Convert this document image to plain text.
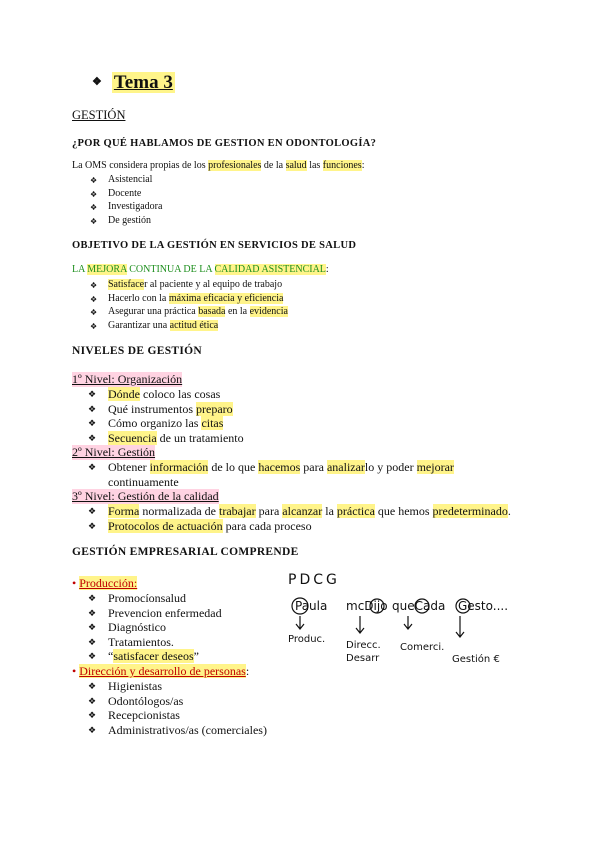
❖ Tema 3
GESTIÓN
¿POR QUÉ HABLAMOS DE GESTION EN ODONTOLOGÍA?
La OMS considera propias de los profesionales de la salud las funciones:
❖ Asistencial
❖ Docente
❖ Investigadora
❖ De gestión
OBJETIVO DE LA GESTIÓN EN SERVICIOS DE SALUD
LA MEJORA CONTINUA DE LA CALIDAD ASISTENCIAL:
❖ Satisfacer al paciente y al equipo de trabajo
❖ Hacerlo con la máxima eficacia y eficiencia
❖ Asegurar una práctica basada en la evidencia
❖ Garantizar una actitud ética
NIVELES DE GESTIÓN
1º Nivel: Organización
❖ Dónde coloco las cosas
❖ Qué instrumentos preparo
❖ Cómo organizo las citas
❖ Secuencia de un tratamiento
2º Nivel: Gestión
❖ Obtener información de lo que hacemos para analizarlo y poder mejorar
continuamente
3º Nivel: Gestión de la calidad
❖ Forma normalizada de trabajar para alcanzar la práctica que hemos predeterminado.
❖ Protocolos de actuación para cada proceso
GESTIÓN EMPRESARIAL COMPRENDE
• Producción:
❖ Promocíonsalud
❖ Prevencion enfermedad
❖ Diagnóstico
❖ Tratamientos.
❖ “satisfacer deseos”
• Dirección y desarrollo de personas:
❖ Higienistas
❖ Odontólogos/as
❖ Recepcionistas
❖ Administrativos/as (comerciales)
PDCG
Paula mcDijo queCada Gesto....
Produc.
Direcc.
Desarr
Comerci.
Gestión €
